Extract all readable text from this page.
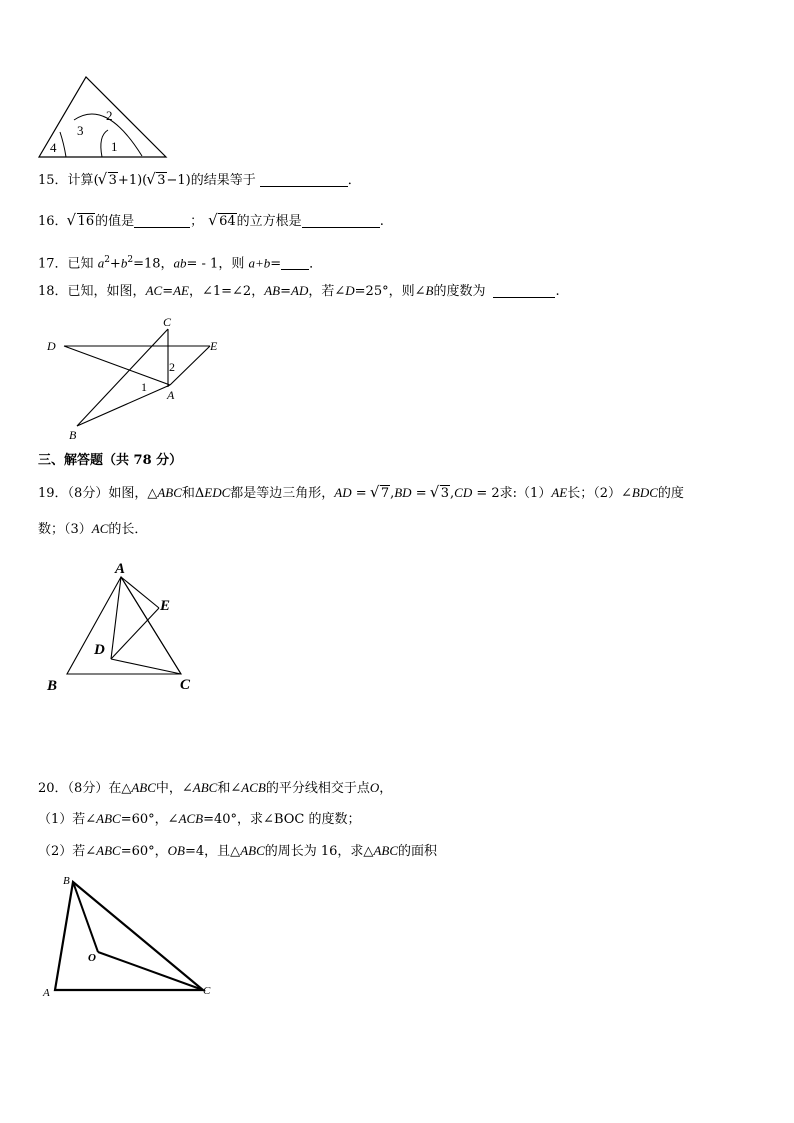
2
3
4	1
15．计算( √ 3+1)( √ 3−1)的结果等于	．
16． √ 16的值是	； √ 64的立方根是	.
17．已知 $a^2+b^2=18$，ab= - 1，则 a+b= ．
18．已知，如图，AC=AE，∠1=∠2，AB=AD，若∠D=25°，则∠B的度数为	.
C
D	E
2
1
A
B
三、解答题（共 78 分）
19．（8分）如图，△ABC和ΔEDC都是等边三角形，AD = √ 7,BD = √ 3,CD = 2求:（1）AE长；（2）∠BDC的度
数；（3）AC的长．
A
E
D
B	C
20．（8分）在△ABC中，∠ABC和∠ACB的平分线相交于点O，
（1）若∠ABC=60°，∠ACB=40°，求∠BOC 的度数；
（2）若∠ABC=60°，OB=4，且△ABC的周长为 16，求△ABC的面积
B
O
A	C
